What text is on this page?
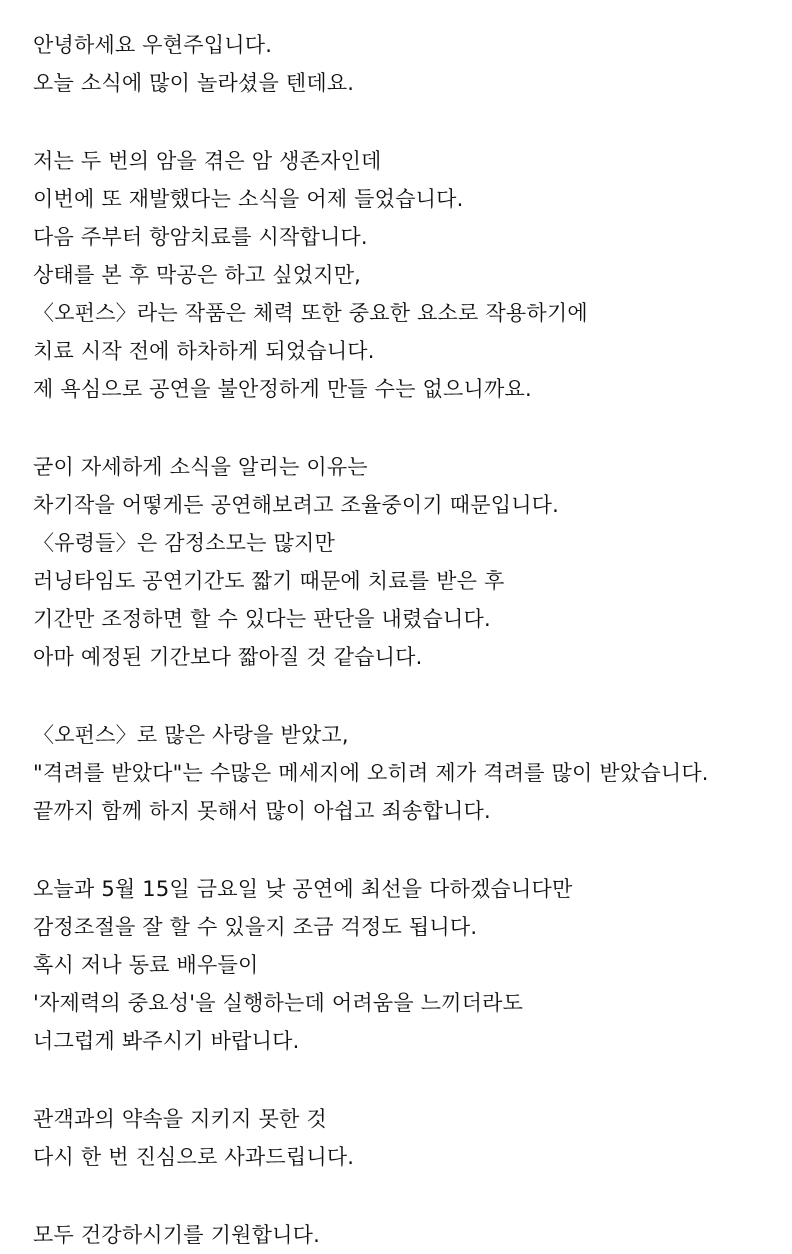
안녕하세요 우현주입니다.
오늘 소식에 많이 놀라셨을 텐데요.
저는 두 번의 암을 겪은 암 생존자인데
이번에 또 재발했다는 소식을 어제 들었습니다.
다음 주부터 항암치료를 시작합니다.
상태를 본 후 막공은 하고 싶었지만,
〈오펀스〉라는 작품은 체력 또한 중요한 요소로 작용하기에
치료 시작 전에 하차하게 되었습니다.
제 욕심으로 공연을 불안정하게 만들 수는 없으니까요.
굳이 자세하게 소식을 알리는 이유는
차기작을 어떻게든 공연해보려고 조율중이기 때문입니다.
〈유령들〉은 감정소모는 많지만
러닝타임도 공연기간도 짧기 때문에 치료를 받은 후
기간만 조정하면 할 수 있다는 판단을 내렸습니다.
아마 예정된 기간보다 짧아질 것 같습니다.
〈오펀스〉로 많은 사랑을 받았고,
"격려를 받았다"는 수많은 메세지에 오히려 제가 격려를 많이 받았습니다.
끝까지 함께 하지 못해서 많이 아쉽고 죄송합니다.
오늘과 5월 15일 금요일 낮 공연에 최선을 다하겠습니다만
감정조절을 잘 할 수 있을지 조금 걱정도 됩니다.
혹시 저나 동료 배우들이
'자제력의 중요성'을 실행하는데 어려움을 느끼더라도
너그럽게 봐주시기 바랍니다.
관객과의 약속을 지키지 못한 것
다시 한 번 진심으로 사과드립니다.
모두 건강하시기를 기원합니다.
